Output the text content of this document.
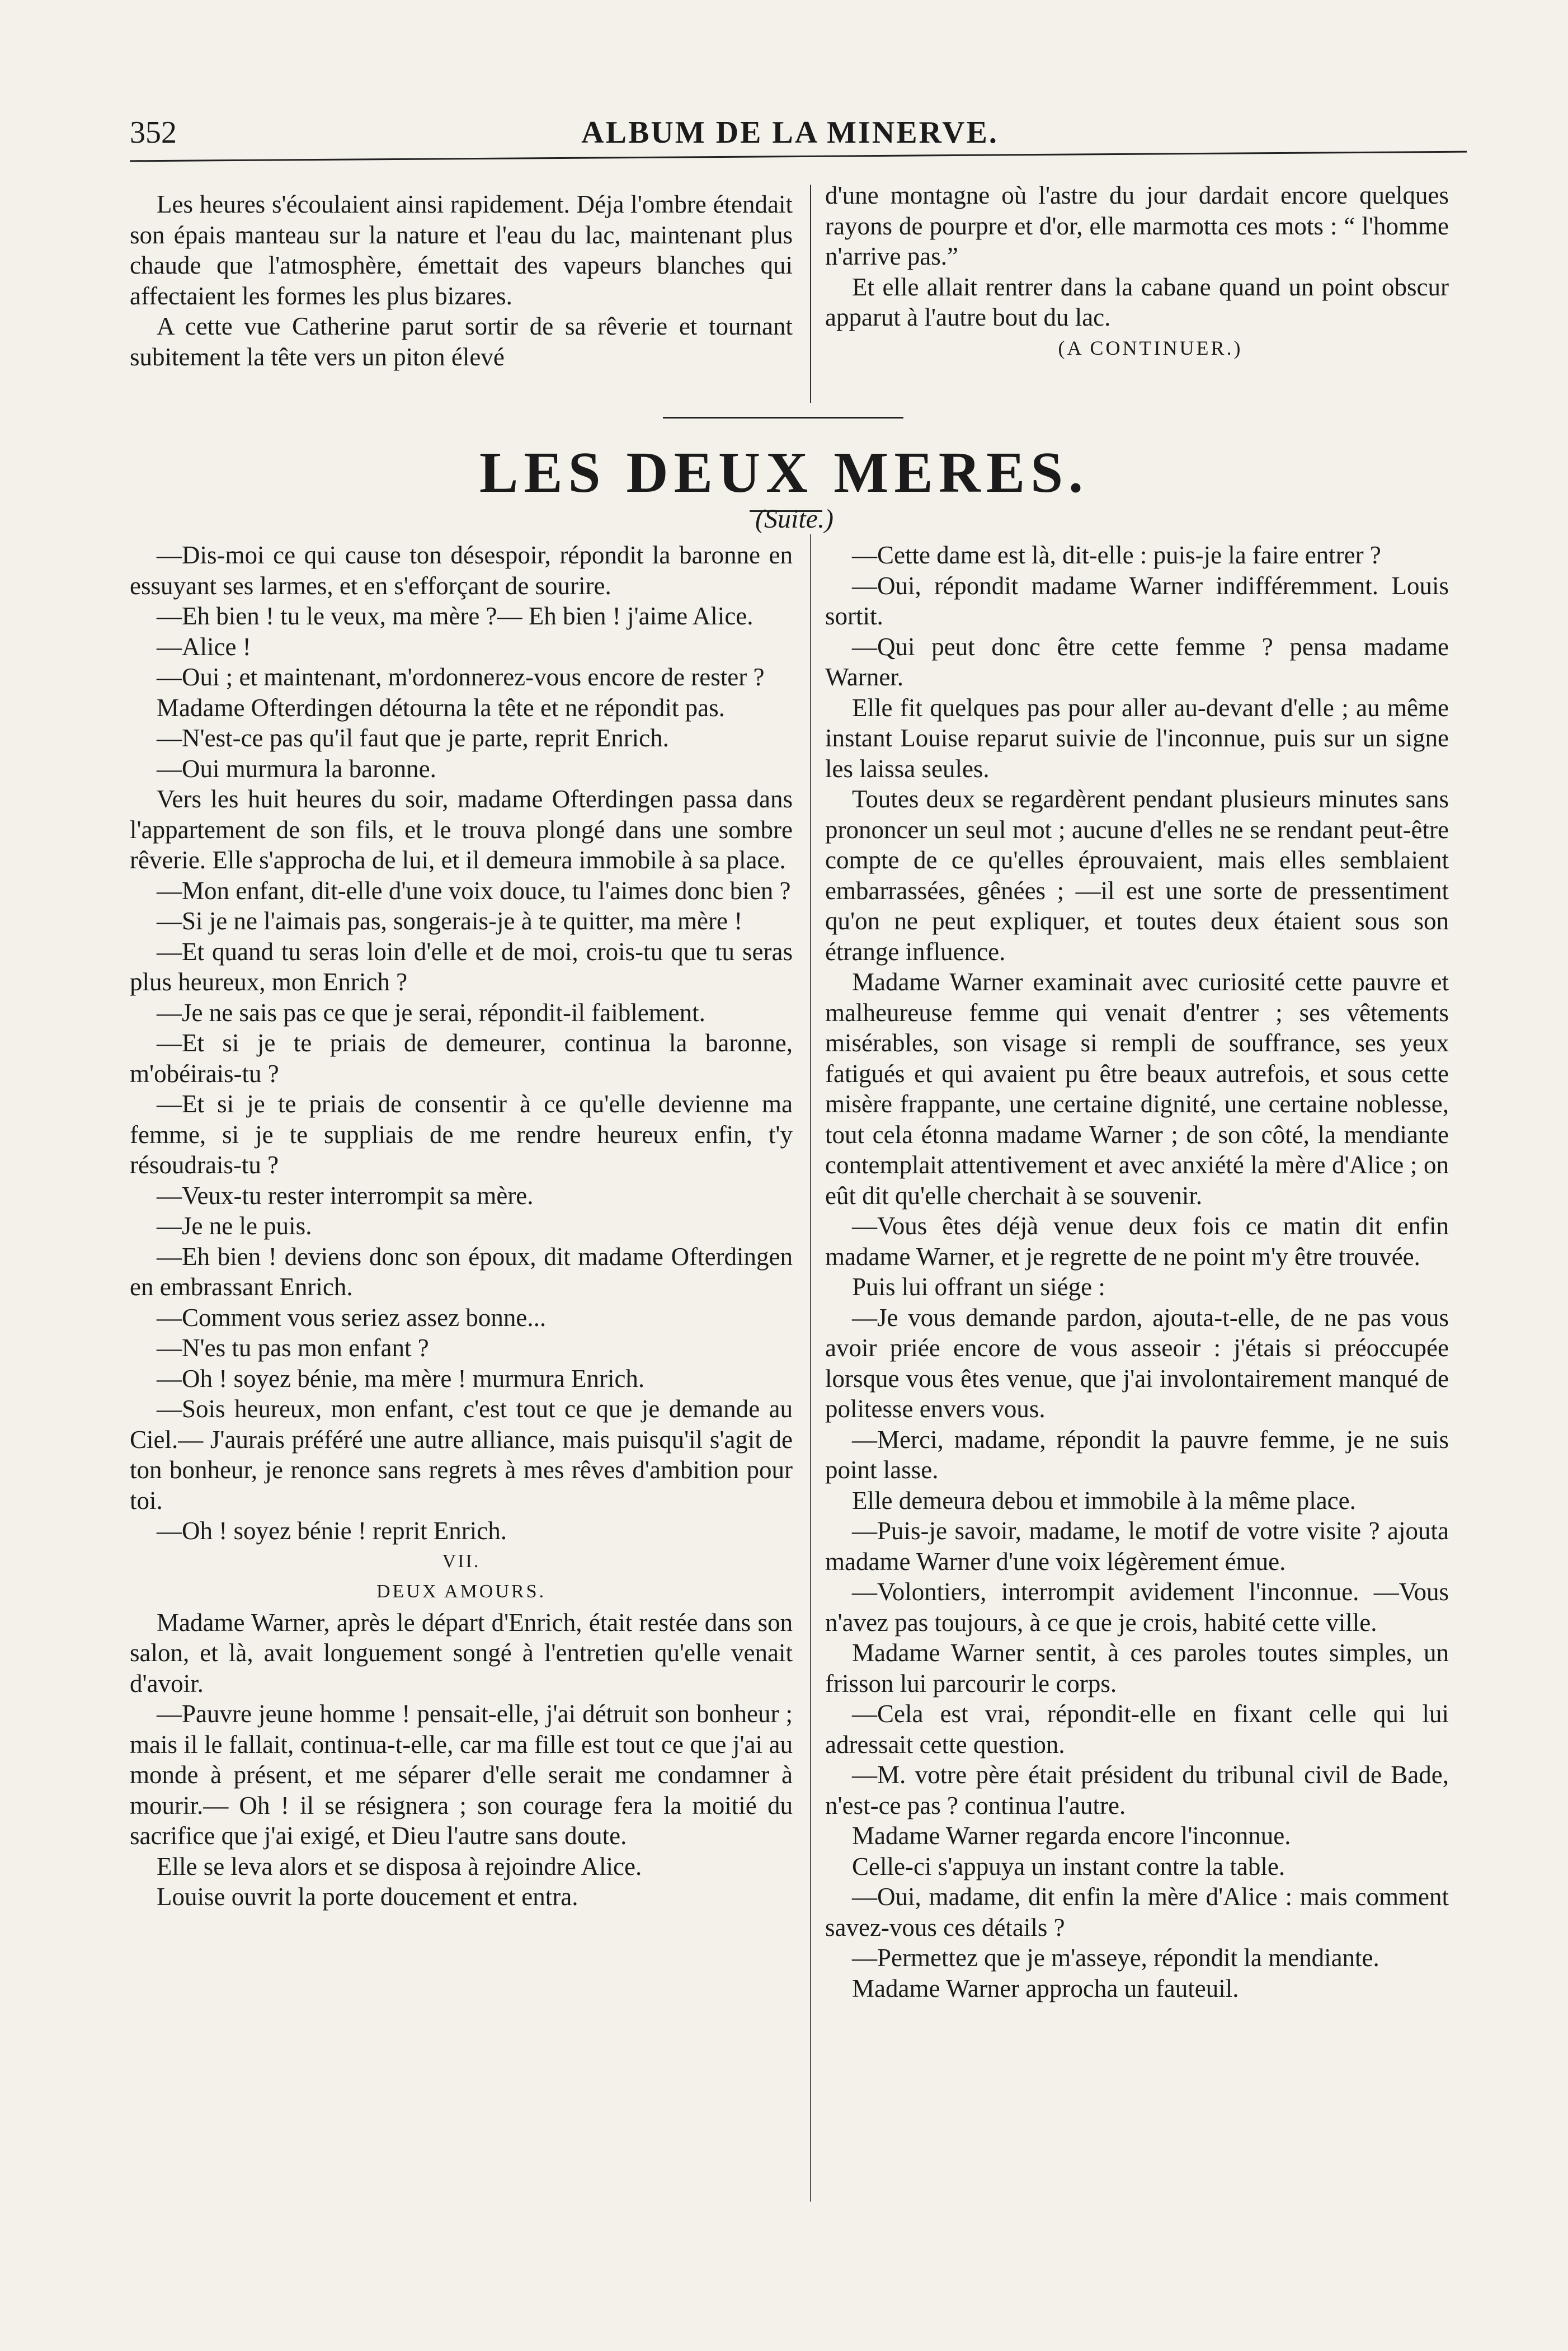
352	ALBUM DE LA MINERVE.

Les heures s'écoulaient ainsi rapidement. Déja l'ombre étendait son épais manteau sur la nature et l'eau du lac, maintenant plus chaude que l'atmosphère, émettait des vapeurs blanches qui affectaient les formes les plus bizares.

A cette vue Catherine parut sortir de sa rêverie et tournant subitement la tête vers un piton élevé

d'une montagne où l'astre du jour dardait encore quelques rayons de pourpre et d'or, elle marmotta ces mots : “ l'homme n'arrive pas.”

Et elle allait rentrer dans la cabane quand un point obscur apparut à l'autre bout du lac.

(A CONTINUER.)

LES DEUX MERES.
(Suite.)

—Dis-moi ce qui cause ton désespoir, répondit la baronne en essuyant ses larmes, et en s'efforçant de sourire.

—Eh bien ! tu le veux, ma mère ?— Eh bien ! j'aime Alice.

—Alice !

—Oui ; et maintenant, m'ordonnerez-vous encore de rester ?

Madame Ofterdingen détourna la tête et ne répondit pas.

—N'est-ce pas qu'il faut que je parte, reprit Enrich.

—Oui murmura la baronne.

Vers les huit heures du soir, madame Ofterdingen passa dans l'appartement de son fils, et le trouva plongé dans une sombre rêverie. Elle s'approcha de lui, et il demeura immobile à sa place.

—Mon enfant, dit-elle d'une voix douce, tu l'aimes donc bien ?

—Si je ne l'aimais pas, songerais-je à te quitter, ma mère !

—Et quand tu seras loin d'elle et de moi, crois-tu que tu seras plus heureux, mon Enrich ?

—Je ne sais pas ce que je serai, répondit-il faiblement.

—Et si je te priais de demeurer, continua la baronne, m'obéirais-tu ?

—Et si je te priais de consentir à ce qu'elle devienne ma femme, si je te suppliais de me rendre heureux enfin, t'y résoudrais-tu ?

—Veux-tu rester interrompit sa mère.

—Je ne le puis.

—Eh bien ! deviens donc son époux, dit madame Ofterdingen en embrassant Enrich.

—Comment vous seriez assez bonne...

—N'es tu pas mon enfant ?

—Oh ! soyez bénie, ma mère ! murmura Enrich.

—Sois heureux, mon enfant, c'est tout ce que je demande au Ciel.— J'aurais préféré une autre alliance, mais puisqu'il s'agit de ton bonheur, je renonce sans regrets à mes rêves d'ambition pour toi.

—Oh ! soyez bénie ! reprit Enrich.

VII.

DEUX AMOURS.

Madame Warner, après le départ d'Enrich, était restée dans son salon, et là, avait longuement songé à l'entretien qu'elle venait d'avoir.

—Pauvre jeune homme ! pensait-elle, j'ai détruit son bonheur ; mais il le fallait, continua-t-elle, car ma fille est tout ce que j'ai au monde à présent, et me séparer d'elle serait me condamner à mourir.— Oh ! il se résignera ; son courage fera la moitié du sacrifice que j'ai exigé, et Dieu l'autre sans doute.

Elle se leva alors et se disposa à rejoindre Alice.

Louise ouvrit la porte doucement et entra.

—Cette dame est là, dit-elle : puis-je la faire entrer ?

—Oui, répondit madame Warner indifféremment. Louis sortit.

—Qui peut donc être cette femme ? pensa madame Warner.

Elle fit quelques pas pour aller au-devant d'elle ; au même instant Louise reparut suivie de l'inconnue, puis sur un signe les laissa seules.

Toutes deux se regardèrent pendant plusieurs minutes sans prononcer un seul mot ; aucune d'elles ne se rendant peut-être compte de ce qu'elles éprouvaient, mais elles semblaient embarrassées, gênées ; —il est une sorte de pressentiment qu'on ne peut expliquer, et toutes deux étaient sous son étrange influence.

Madame Warner examinait avec curiosité cette pauvre et malheureuse femme qui venait d'entrer ; ses vêtements misérables, son visage si rempli de souffrance, ses yeux fatigués et qui avaient pu être beaux autrefois, et sous cette misère frappante, une certaine dignité, une certaine noblesse, tout cela étonna madame Warner ; de son côté, la mendiante contemplait attentivement et avec anxiété la mère d'Alice ; on eût dit qu'elle cherchait à se souvenir.

—Vous êtes déjà venue deux fois ce matin dit enfin madame Warner, et je regrette de ne point m'y être trouvée.

Puis lui offrant un siége :

—Je vous demande pardon, ajouta-t-elle, de ne pas vous avoir priée encore de vous asseoir : j'étais si préoccupée lorsque vous êtes venue, que j'ai involontairement manqué de politesse envers vous.

—Merci, madame, répondit la pauvre femme, je ne suis point lasse.

Elle demeura debou et immobile à la même place.

—Puis-je savoir, madame, le motif de votre visite ? ajouta madame Warner d'une voix légèrement émue.

—Volontiers, interrompit avidement l'inconnue. —Vous n'avez pas toujours, à ce que je crois, habité cette ville.

Madame Warner sentit, à ces paroles toutes simples, un frisson lui parcourir le corps.

—Cela est vrai, répondit-elle en fixant celle qui lui adressait cette question.

—M. votre père était président du tribunal civil de Bade, n'est-ce pas ? continua l'autre.

Madame Warner regarda encore l'inconnue.

Celle-ci s'appuya un instant contre la table.

—Oui, madame, dit enfin la mère d'Alice : mais comment savez-vous ces détails ?

—Permettez que je m'asseye, répondit la mendiante.

Madame Warner approcha un fauteuil.
